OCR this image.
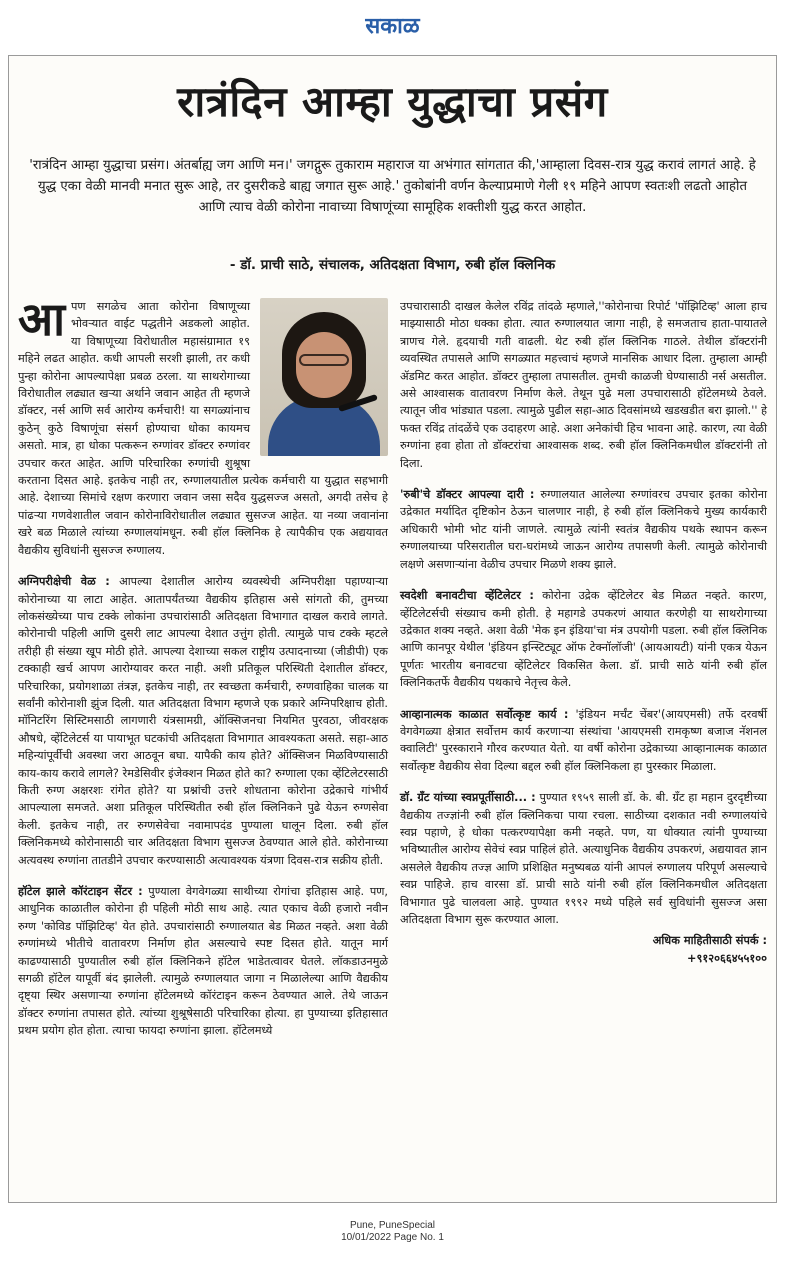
सकाळ
रात्रंदिन आम्हा युद्धाचा प्रसंग

'रात्रंदिन आम्हा युद्धाचा प्रसंग। अंतर्बाह्य जग आणि मन।' जगद्गुरू तुकाराम महाराज या अभंगात सांगतात की,'आम्हाला दिवस-रात्र युद्ध करावं लागतं आहे. हे युद्ध एका वेळी मानवी मनात सुरू आहे, तर दुसरीकडे बाह्य जगात सुरू आहे.' तुकोबांनी वर्णन केल्याप्रमाणे गेली १९ महिने आपण स्वतःशी लढतो आहोत आणि त्याच वेळी कोरोना नावाच्या विषाणूंच्या सामूहिक शक्तीशी युद्ध करत आहोत.

- डॉ. प्राची साठे, संचालक, अतिदक्षता विभाग, रुबी हॉल क्लिनिक

आपण सगळेच आता कोरोना विषाणूच्या भोवऱ्यात वाईट पद्धतीने अडकलो आहोत. या विषाणूच्या विरोधातील महासंग्रामात १९ महिने लढत आहोत. कधी आपली सरशी झाली, तर कधी पुन्हा कोरोना आपल्यापेक्षा प्रबळ ठरला. या साथरोगाच्या विरोधातील लढ्यात खऱ्या अर्थाने जवान आहेत ती म्हणजे डॉक्टर, नर्स आणि सर्व आरोग्य कर्मचारी! या सगळ्यांनाच कुठेन् कुठे विषाणूंचा संसर्ग होण्याचा धोका कायमच असतो. मात्र, हा धोका पत्करून रुग्णांवर डॉक्टर रुग्णांवर उपचार करत आहेत. आणि परिचारिका रुग्णांची शुश्रूषा करताना दिसत आहे. इतकेच नाही तर, रुग्णालयातील प्रत्येक कर्मचारी या युद्धात सहभागी आहे. देशाच्या सिमांचे रक्षण करणारा जवान जसा सदैव युद्धसज्ज असतो, अगदी तसेच हे पांढऱ्या गणवेशातील जवान कोरोनाविरोधातील लढ्यात सुसज्ज आहेत. या नव्या जवानांना खरे बळ मिळाले त्यांच्या रुग्णालयांमधून. रुबी हॉल क्लिनिक हे त्यापैकीच एक अद्ययावत वैद्यकीय सुविधांनी सुसज्ज रुग्णालय.

अग्निपरीक्षेची वेळ : आपल्या देशातील आरोग्य व्यवस्थेची अग्निपरीक्षा पहाण्याऱ्या कोरोनाच्या या लाटा आहेत. आतापर्यंतच्या वैद्यकीय इतिहास असे सांगतो की, तुमच्या लोकसंख्येच्या पाच टक्के लोकांना उपचारांसाठी अतिदक्षता विभागात दाखल करावे लागते. कोरोनाची पहिली आणि दुसरी लाट आपल्या देशात उत्तुंग होती. त्यामुळे पाच टक्के म्हटले तरीही ही संख्या खूप मोठी होते. आपल्या देशाच्या सकल राष्ट्रीय उत्पादनाच्या (जीडीपी) एक टक्काही खर्च आपण आरोग्यावर करत नाही. अशी प्रतिकूल परिस्थिती देशातील डॉक्टर, परिचारिका, प्रयोगशाळा तंत्रज्ञ, इतकेच नाही, तर स्वच्छता कर्मचारी, रुग्णवाहिका चालक या सर्वांनी कोरोनाशी झुंज दिली. यात अतिदक्षता विभाग म्हणजे एक प्रकारे अग्निपरिक्षाच होती. मॉनिटरिंग सिस्टिमसाठी लागणारी यंत्रसामग्री, ऑक्सिजनचा नियमित पुरवठा, जीवरक्षक औषधे, व्हेंटिलेटर्स या पायाभूत घटकांची अतिदक्षता विभागात आवश्यकता असते. सहा-आठ महिन्यांपूर्वीची अवस्था जरा आठवून बघा. यापैकी काय होते? ऑक्सिजन मिळविण्यासाठी काय-काय करावे लागले? रेमडेसिवीर इंजेक्शन मिळत होते का? रुग्णाला एका व्हेंटिलेटरसाठी किती रुग्ण अक्षरशः रांगेत होते? या प्रश्नांची उत्तरे शोधताना कोरोना उद्रेकाचे गांभीर्य आपल्याला समजते. अशा प्रतिकूल परिस्थितीत रुबी हॉल क्लिनिकने पुढे येऊन रुग्णसेवा केली. इतकेच नाही, तर रुग्णसेवेचा नवामापदंड पुण्याला घालून दिला. रुबी हॉल क्लिनिकमध्ये कोरोनासाठी चार अतिदक्षता विभाग सुसज्ज ठेवण्यात आले होते. कोरोनाच्या अत्यवस्थ रुग्णांना तातडीने उपचार करण्यासाठी अत्यावश्यक यंत्रणा दिवस-रात्र सक्रीय होती.
हॉटेल झाले कॉरंटाइन सेंटर : पुण्याला वेगवेगळ्या साथीच्या रोगांचा इतिहास आहे. पण, आधुनिक काळातील कोरोना ही पहिली मोठी साथ आहे. त्यात एकाच वेळी हजारो नवीन रुग्ण 'कोविड पॉझिटिव्ह' येत होते. उपचारांसाठी रुग्णालयात बेड मिळत नव्हते. अशा वेळी रुग्णांमध्ये भीतीचे वातावरण निर्माण होत असल्याचे स्पष्ट दिसत होते. यातून मार्ग काढण्यासाठी पुण्यातील रुबी हॉल क्लिनिकने हॉटेल भाडेतत्वावर घेतले. लॉकडाउनमुळे सगळी हॉटेल यापूर्वी बंद झालेली. त्यामुळे रुग्णालयात जागा न मिळालेल्या आणि वैद्यकीय दृष्ट्या स्थिर असणाऱ्या रुग्णांना हॉटेलमध्ये कॉरंटाइन करून ठेवण्यात आले. तेथे जाऊन डॉक्टर रुग्णांना तपासत होते. त्यांच्या शुश्रूषेसाठी परिचारिका होत्या. हा पुण्याच्या इतिहासात प्रथम प्रयोग होत होता. त्याचा फायदा रुग्णांना झाला. हॉटेलमध्ये

उपचारासाठी दाखल केलेल रविंद्र तांदळे म्हणाले,''कोरोनाचा रिपोर्ट 'पॉझिटिव्ह' आला हाच माझ्यासाठी मोठा धक्का होता. त्यात रुग्णालयात जागा नाही, हे समजताच हाता-पायातले त्राणच गेले. हृदयाची गती वाढली. थेट रुबी हॉल क्लिनिक गाठले. तेथील डॉक्टरांनी व्यवस्थित तपासले आणि सगळ्यात महत्त्वाचं म्हणजे मानसिक आधार दिला. तुम्हाला आम्ही ॲडमिट करत आहोत. डॉक्टर तुम्हाला तपासतील. तुमची काळजी घेण्यासाठी नर्स असतील. असे आश्वासक वातावरण निर्माण केले. तेथून पुढे मला उपचारासाठी हॉटेलमध्ये ठेवले. त्यातून जीव भांड्यात पडला. त्यामुळे पुढील सहा-आठ दिवसांमध्ये खडखडीत बरा झालो.'' हे फक्त रविंद्र तांदळेंचे एक उदाहरण आहे. अशा अनेकांची हिच भावना आहे. कारण, त्या वेळी रुग्णांना हवा होता तो डॉक्टरांचा आश्वासक शब्द. रुबी हॉल क्लिनिकमधील डॉक्टरांनी तो दिला.

'रुबी'चे डॉक्टर आपल्या दारी : रुग्णालयात आलेल्या रुग्णांवरच उपचार इतका कोरोना उद्रेकात मर्यादित दृष्टिकोन ठेऊन चालणार नाही, हे रुबी हॉल क्लिनिकचे मुख्य कार्यकारी अधिकारी भोमी भोट यांनी जाणले. त्यामुळे त्यांनी स्वतंत्र वैद्यकीय पथके स्थापन करून रुग्णालयाच्या परिसरातील घरा-घरांमध्ये जाऊन आरोग्य तपासणी केली. त्यामुळे कोरोनाची लक्षणे असणाऱ्यांना वेळीच उपचार मिळणे शक्य झाले.
स्वदेशी बनावटीचा व्हेंटिलेटर : कोरोना उद्रेक व्हेंटिलेटर बेड मिळत नव्हते. कारण, व्हेंटिलेटर्सची संख्याच कमी होती. हे महागडे उपकरणं आयात करणेही या साथरोगाच्या उद्रेकात शक्य नव्हते. अशा वेळी 'मेक इन इंडिया'चा मंत्र उपयोगी पडला. रुबी हॉल क्लिनिक आणि कानपूर येथील 'इंडियन इन्स्टिट्यूट ऑफ टेक्नॉलॉजी' (आयआयटी) यांनी एकत्र येऊन पूर्णतः भारतीय बनावटचा व्हेंटिलेटर विकसित केला. डॉ. प्राची साठे यांनी रुबी हॉल क्लिनिकतर्फे वैद्यकीय पथकाचे नेतृत्त्व केले.
आव्हानात्मक काळात सर्वोत्कृष्ट कार्य : 'इंडियन मर्चंट चेंबर'(आयएमसी) तर्फे दरवर्षी वेगवेगळ्या क्षेत्रात सर्वोत्तम कार्य करणाऱ्या संस्थांचा 'आयएमसी रामकृष्ण बजाज नॅशनल क्वालिटी' पुरस्काराने गौरव करण्यात येतो. या वर्षी कोरोना उद्रेकाच्या आव्हानात्मक काळात सर्वोत्कृष्ट वैद्यकीय सेवा दिल्या बद्दल रुबी हॉल क्लिनिकला हा पुरस्कार मिळाला.
डॉ. ग्रँट यांच्या स्वप्नपूर्तीसाठी... : पुण्यात १९५९ साली डॉ. के. बी. ग्रँट हा महान दुरदृष्टीच्या वैद्यकीय तज्ज्ञांनी रुबी हॉल क्लिनिकचा पाया रचला. साठीच्या दशकात नवी रुग्णालयांचे स्वप्न पहाणे, हे धोका पत्करण्यापेक्षा कमी नव्हते. पण, या धोक्यात त्यांनी पुण्याच्या भविष्यातील आरोग्य सेवेचं स्वप्न पाहिलं होते. अत्याधुनिक वैद्यकीय उपकरणं, अद्ययावत ज्ञान असलेले वैद्यकीय तज्ज्ञ आणि प्रशिक्षित मनुष्यबळ यांनी आपलं रुग्णालय परिपूर्ण असल्याचे स्वप्न पाहिजे. हाच वारसा डॉ. प्राची साठे यांनी रुबी हॉल क्लिनिकमधील अतिदक्षता विभागात पुढे चालवला आहे. पुण्यात १९९२ मध्ये पहिले सर्व सुविधांनी सुसज्ज असा अतिदक्षता विभाग सुरू करण्यात आला.

अधिक माहितीसाठी संपर्क :

+९१२०६६४५५१००

Pune, PuneSpecial
10/01/2022 Page No. 1
